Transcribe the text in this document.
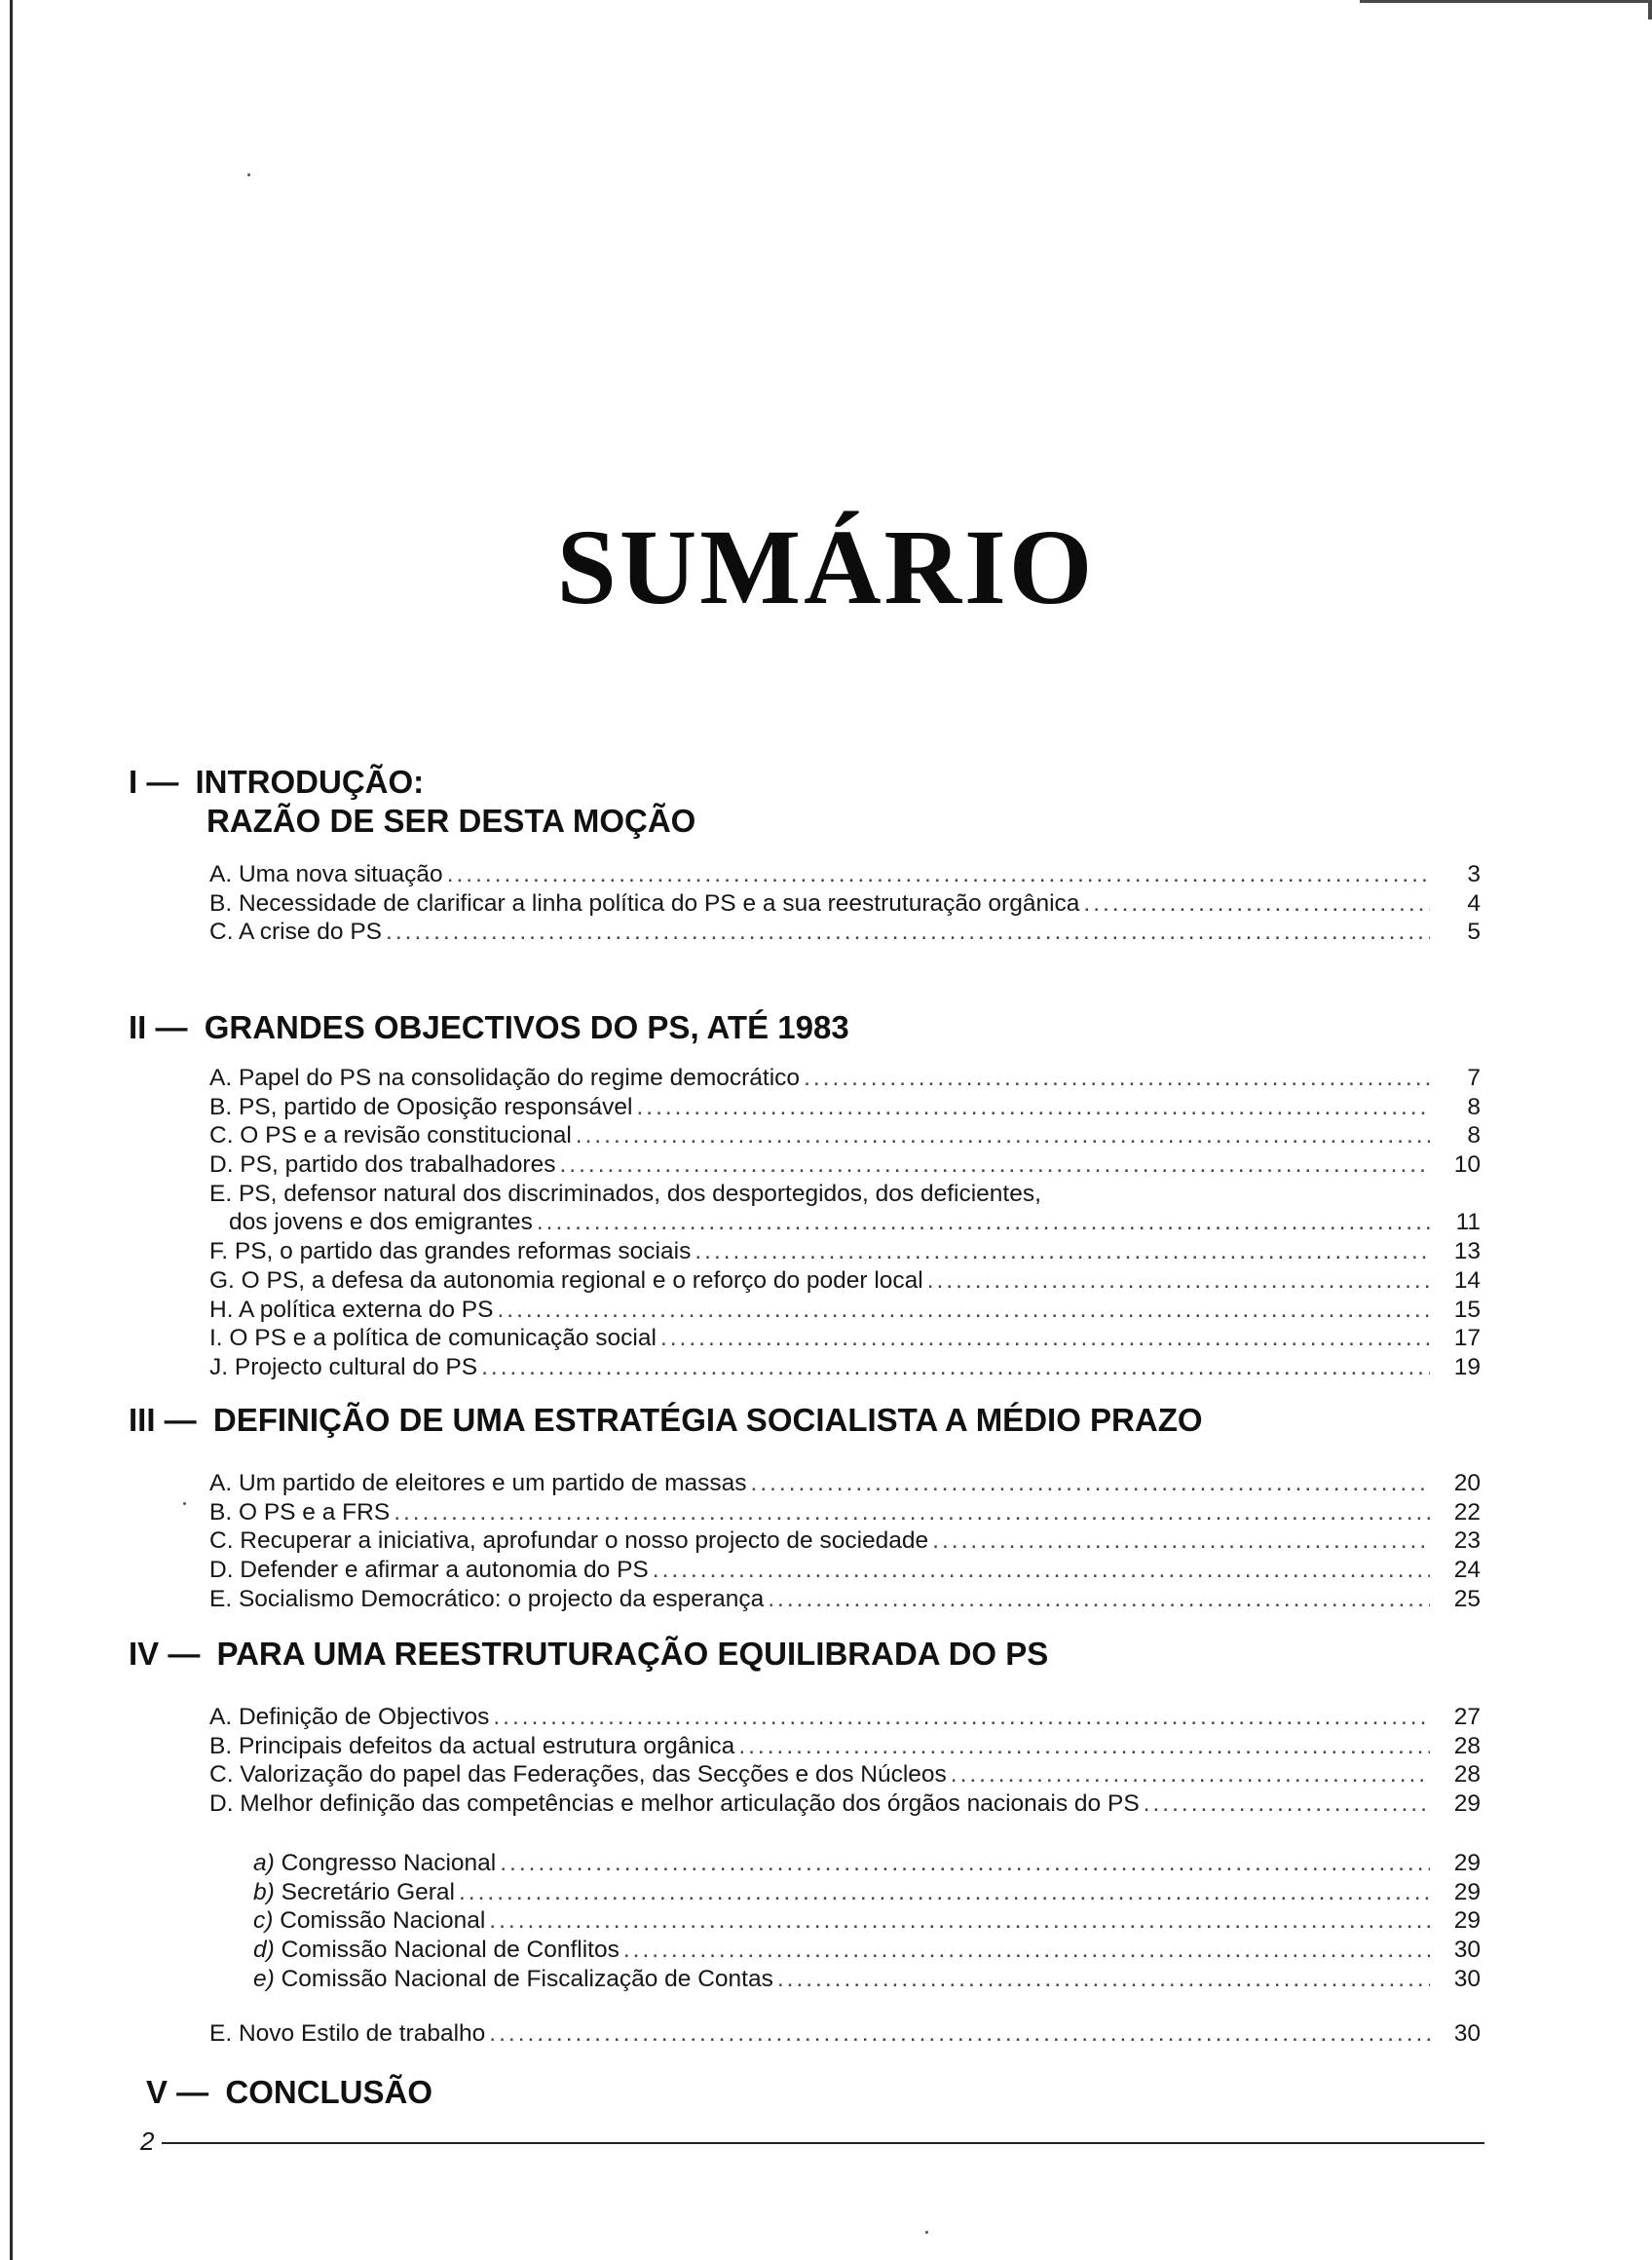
SUMÁRIO
I — INTRODUÇÃO:
RAZÃO DE SER DESTA MOÇÃO
A. Uma nova situação .....	3
B. Necessidade de clarificar a linha política do PS e a sua reestruturação orgânica .....	4
C. A crise do PS .....	5
II — GRANDES OBJECTIVOS DO PS, ATÉ 1983
A. Papel do PS na consolidação do regime democrático .....	7
B. PS, partido de Oposição responsável .....	8
C. O PS e a revisão constitucional .....	8
D. PS, partido dos trabalhadores .....	10
E. PS, defensor natural dos discriminados, dos desportegidos, dos deficientes,
dos jovens e dos emigrantes .....	11
F. PS, o partido das grandes reformas sociais .....	13
G. O PS, a defesa da autonomia regional e o reforço do poder local .....	14
H. A política externa do PS .....	15
I. O PS e a política de comunicação social .....	17
J. Projecto cultural do PS .....	19
III — DEFINIÇÃO DE UMA ESTRATÉGIA SOCIALISTA A MÉDIO PRAZO
A. Um partido de eleitores e um partido de massas .....	20
B. O PS e a FRS .....	22
C. Recuperar a iniciativa, aprofundar o nosso projecto de sociedade .....	23
D. Defender e afirmar a autonomia do PS .....	24
E. Socialismo Democrático: o projecto da esperança .....	25
IV — PARA UMA REESTRUTURAÇÃO EQUILIBRADA DO PS
A. Definição de Objectivos .....	27
B. Principais defeitos da actual estrutura orgânica .....	28
C. Valorização do papel das Federações, das Secções e dos Núcleos .....	28
D. Melhor definição das competências e melhor articulação dos órgãos nacionais do PS .....	29
a) Congresso Nacional .....	29
b) Secretário Geral .....	29
c) Comissão Nacional .....	29
d) Comissão Nacional de Conflitos .....	30
e) Comissão Nacional de Fiscalização de Contas .....	30
E. Novo Estilo de trabalho .....	30
V — CONCLUSÃO
2
